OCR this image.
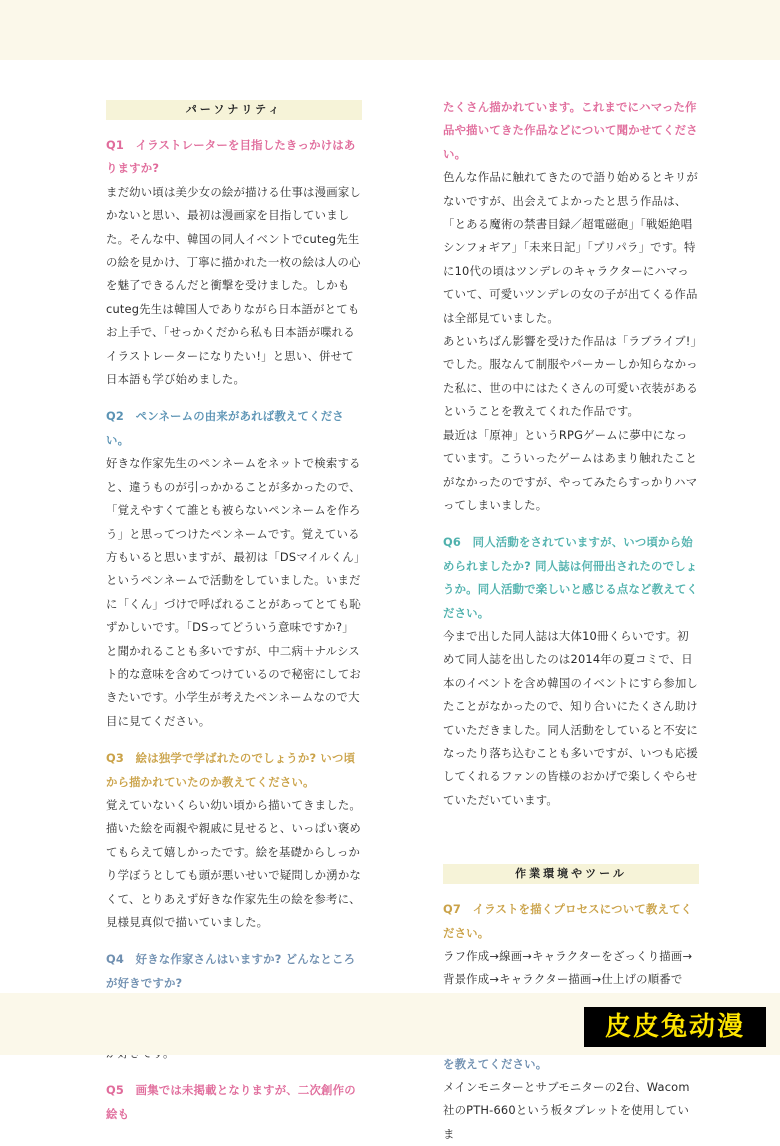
パーソナリティ

Q1　イラストレーターを目指したきっかけはありますか?

まだ幼い頃は美少女の絵が描ける仕事は漫画家しかないと思い、最初は漫画家を目指していました。そんな中、韓国の同人イベントでcuteg先生の絵を見かけ、丁寧に描かれた一枚の絵は人の心を魅了できるんだと衝撃を受けました。しかもcuteg先生は韓国人でありながら日本語がとてもお上手で、「せっかくだから私も日本語が喋れるイラストレーターになりたい!」と思い、併せて日本語も学び始めました。

Q2　ペンネームの由来があれば教えてください。

好きな作家先生のペンネームをネットで検索すると、違うものが引っかかることが多かったので、「覚えやすくて誰とも被らないペンネームを作ろう」と思ってつけたペンネームです。覚えている方もいると思いますが、最初は「DSマイルくん」というペンネームで活動をしていました。いまだに「くん」づけで呼ばれることがあってとても恥ずかしいです。「DSってどういう意味ですか?」と聞かれることも多いですが、中二病＋ナルシスト的な意味を含めてつけているので秘密にしておきたいです。小学生が考えたペンネームなので大目に見てください。

Q3　絵は独学で学ばれたのでしょうか? いつ頃から描かれていたのか教えてください。

覚えていないくらい幼い頃から描いてきました。描いた絵を両親や親戚に見せると、いっぱい褒めてもらえて嬉しかったです。絵を基礎からしっかり学ぼうとしても頭が悪いせいで疑問しか湧かなくて、とりあえず好きな作家先生の絵を参考に、見様見真似で描いていました。

Q4　好きな作家さんはいますか? どんなところが好きですか?

Q5　画集では未掲載となりますが、二次創作の絵も

たくさん描かれています。これまでにハマった作品や描いてきた作品などについて聞かせてください。

色んな作品に触れてきたので語り始めるとキリがないですが、出会えてよかったと思う作品は、「とある魔術の禁書目録／超電磁砲」「戦姫絶唱シンフォギア」「未来日記」「プリパラ」です。特に10代の頃はツンデレのキャラクターにハマっていて、可愛いツンデレの女の子が出てくる作品は全部見ていました。

あといちばん影響を受けた作品は「ラブライブ!」でした。服なんて制服やパーカーしか知らなかった私に、世の中にはたくさんの可愛い衣装があるということを教えてくれた作品です。

最近は「原神」というRPGゲームに夢中になっています。こういったゲームはあまり触れたことがなかったのですが、やってみたらすっかりハマってしまいました。

Q6　同人活動をされていますが、いつ頃から始められましたか? 同人誌は何冊出されたのでしょうか。同人活動で楽しいと感じる点など教えてください。

今まで出した同人誌は大体10冊くらいです。初めて同人誌を出したのは2014年の夏コミで、日本のイベントを含め韓国のイベントにすら参加したことがなかったので、知り合いにたくさん助けていただきました。同人活動をしていると不安になったり落ち込むことも多いですが、いつも応援してくれるファンの皆様のおかげで楽しくやらせていただいています。

作業環境やツール

Q7　イラストを描くプロセスについて教えてください。

ラフ作成→線画→キャラクターをざっくり描画→背景作成→キャラクター描画→仕上げの順番で

　を教えてください。

メインモニターとサブモニターの2台、Wacom社のPTH-660という板タブレットを使用していま

皮皮兔动漫
